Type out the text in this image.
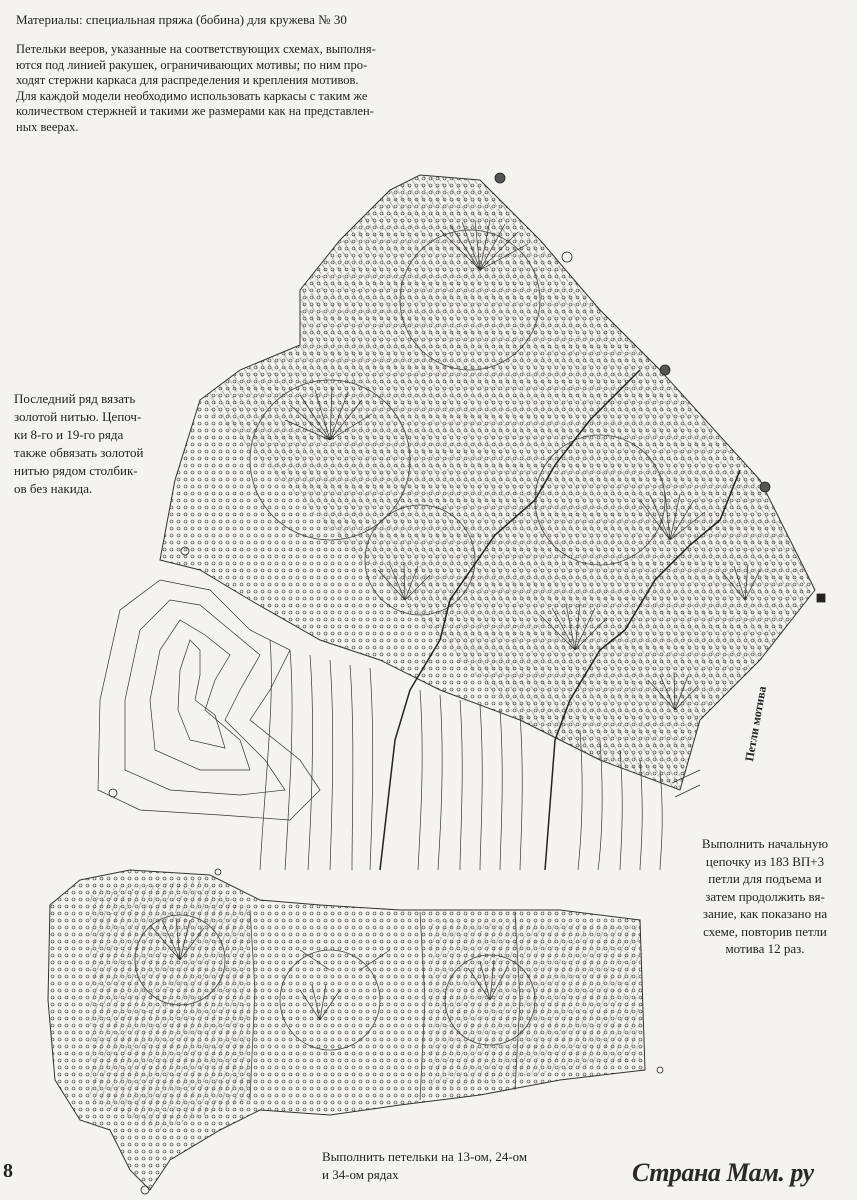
Материалы: специальная пряжа (бобина) для кружева № 30

Петельки вееров, указанные на соответствующих схемах, выполня-
ются под линией ракушек, ограничивающих мотивы; по ним про-
ходят стержни каркаса для распределения и крепления мотивов.
Для каждой модели необходимо использовать каркасы с таким же
количеством стержней и такими же размерами как на представлен-
ных веерах.
Последний ряд вязать
золотой нитью. Цепоч-
ки 8-го и 19-го ряда
также обвязать золотой
нитью рядом столбик-
ов без накида.
Выполнить начальную
цепочку из 183 ВП+3
петли для подъема и
затем продолжить вя-
зание, как показано на
схеме, повторив петли
мотива 12 раз.
Петли мотива
Выполнить петельки на 13-ом, 24-ом
и 34-ом рядах
8	Страна Мам. ру
